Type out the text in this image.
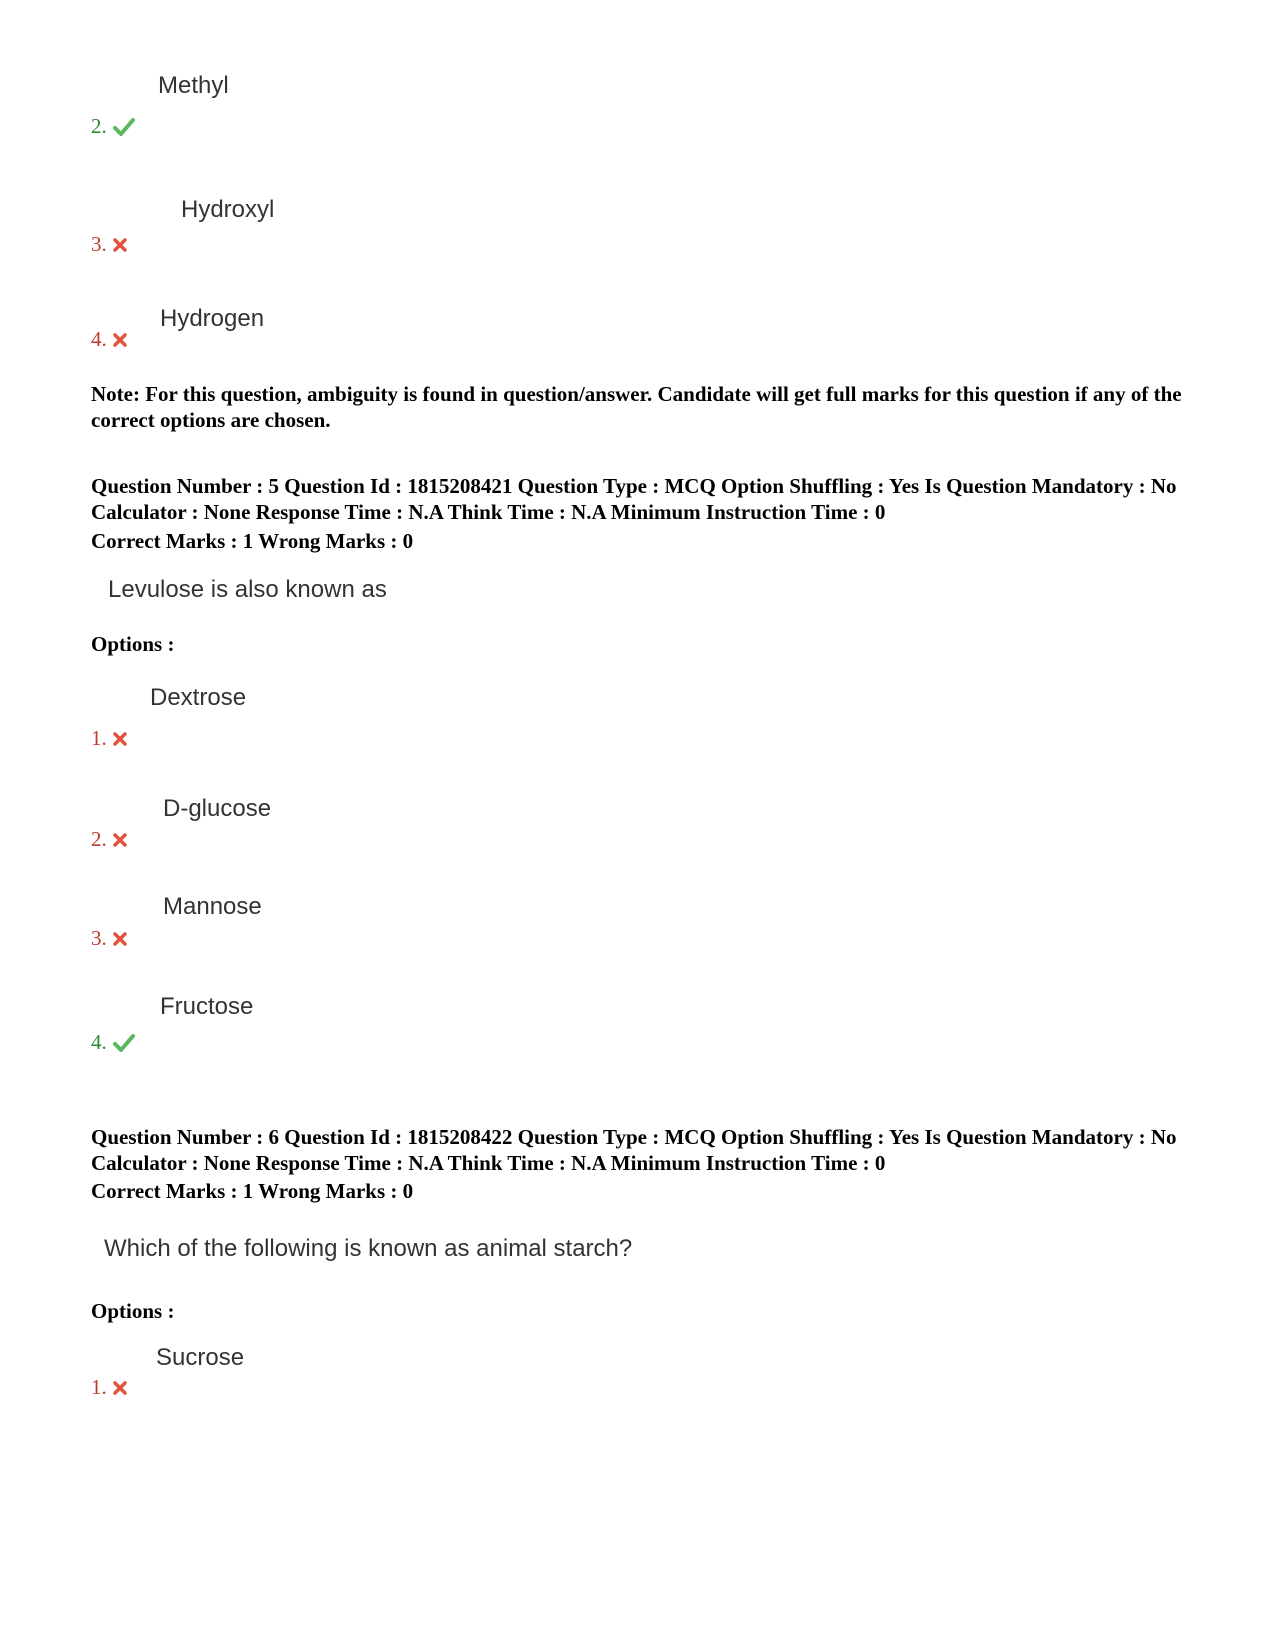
Methyl
2.
Hydroxyl
3.
Hydrogen
4.
Note: For this question, ambiguity is found in question/answer. Candidate will get full marks for this question if any of the correct options are chosen.
Question Number : 5 Question Id : 1815208421 Question Type : MCQ Option Shuffling : Yes Is Question Mandatory : No Calculator : None Response Time : N.A Think Time : N.A Minimum Instruction Time : 0
Correct Marks : 1 Wrong Marks : 0
Levulose is also known as
Options :
Dextrose
1.
D-glucose
2.
Mannose
3.
Fructose
4.
Question Number : 6 Question Id : 1815208422 Question Type : MCQ Option Shuffling : Yes Is Question Mandatory : No Calculator : None Response Time : N.A Think Time : N.A Minimum Instruction Time : 0
Correct Marks : 1 Wrong Marks : 0
Which of the following is known as animal starch?
Options :
Sucrose
1.
